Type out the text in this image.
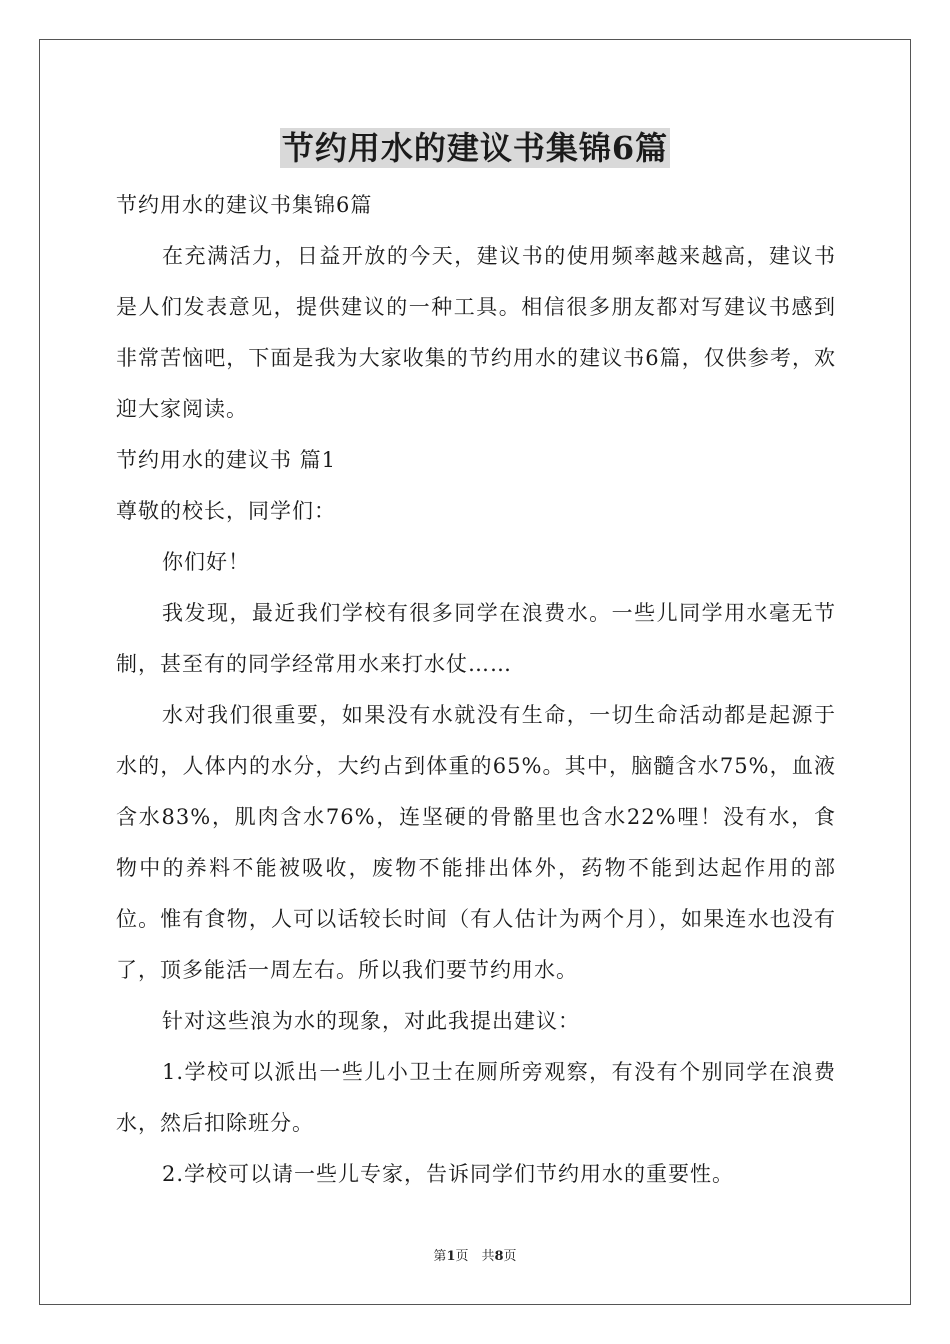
节约用水的建议书集锦6篇

节约用水的建议书集锦6篇

在充满活力，日益开放的今天，建议书的使用频率越来越高，建议书是人们发表意见，提供建议的一种工具。相信很多朋友都对写建议书感到非常苦恼吧，下面是我为大家收集的节约用水的建议书6篇，仅供参考，欢迎大家阅读。

节约用水的建议书 篇1

尊敬的校长，同学们：

你们好！

我发现，最近我们学校有很多同学在浪费水。一些儿同学用水毫无节制，甚至有的同学经常用水来打水仗……

水对我们很重要，如果没有水就没有生命，一切生命活动都是起源于水的，人体内的水分，大约占到体重的65%。其中，脑髓含水75%，血液含水83%，肌肉含水76%，连坚硬的骨骼里也含水22%哩！没有水，食物中的养料不能被吸收，废物不能排出体外，药物不能到达起作用的部位。惟有食物，人可以话较长时间（有人估计为两个月），如果连水也没有了，顶多能活一周左右。所以我们要节约用水。

针对这些浪为水的现象，对此我提出建议：

1.学校可以派出一些儿小卫士在厕所旁观察，有没有个别同学在浪费水，然后扣除班分。

2.学校可以请一些儿专家，告诉同学们节约用水的重要性。

第1页　共8页
